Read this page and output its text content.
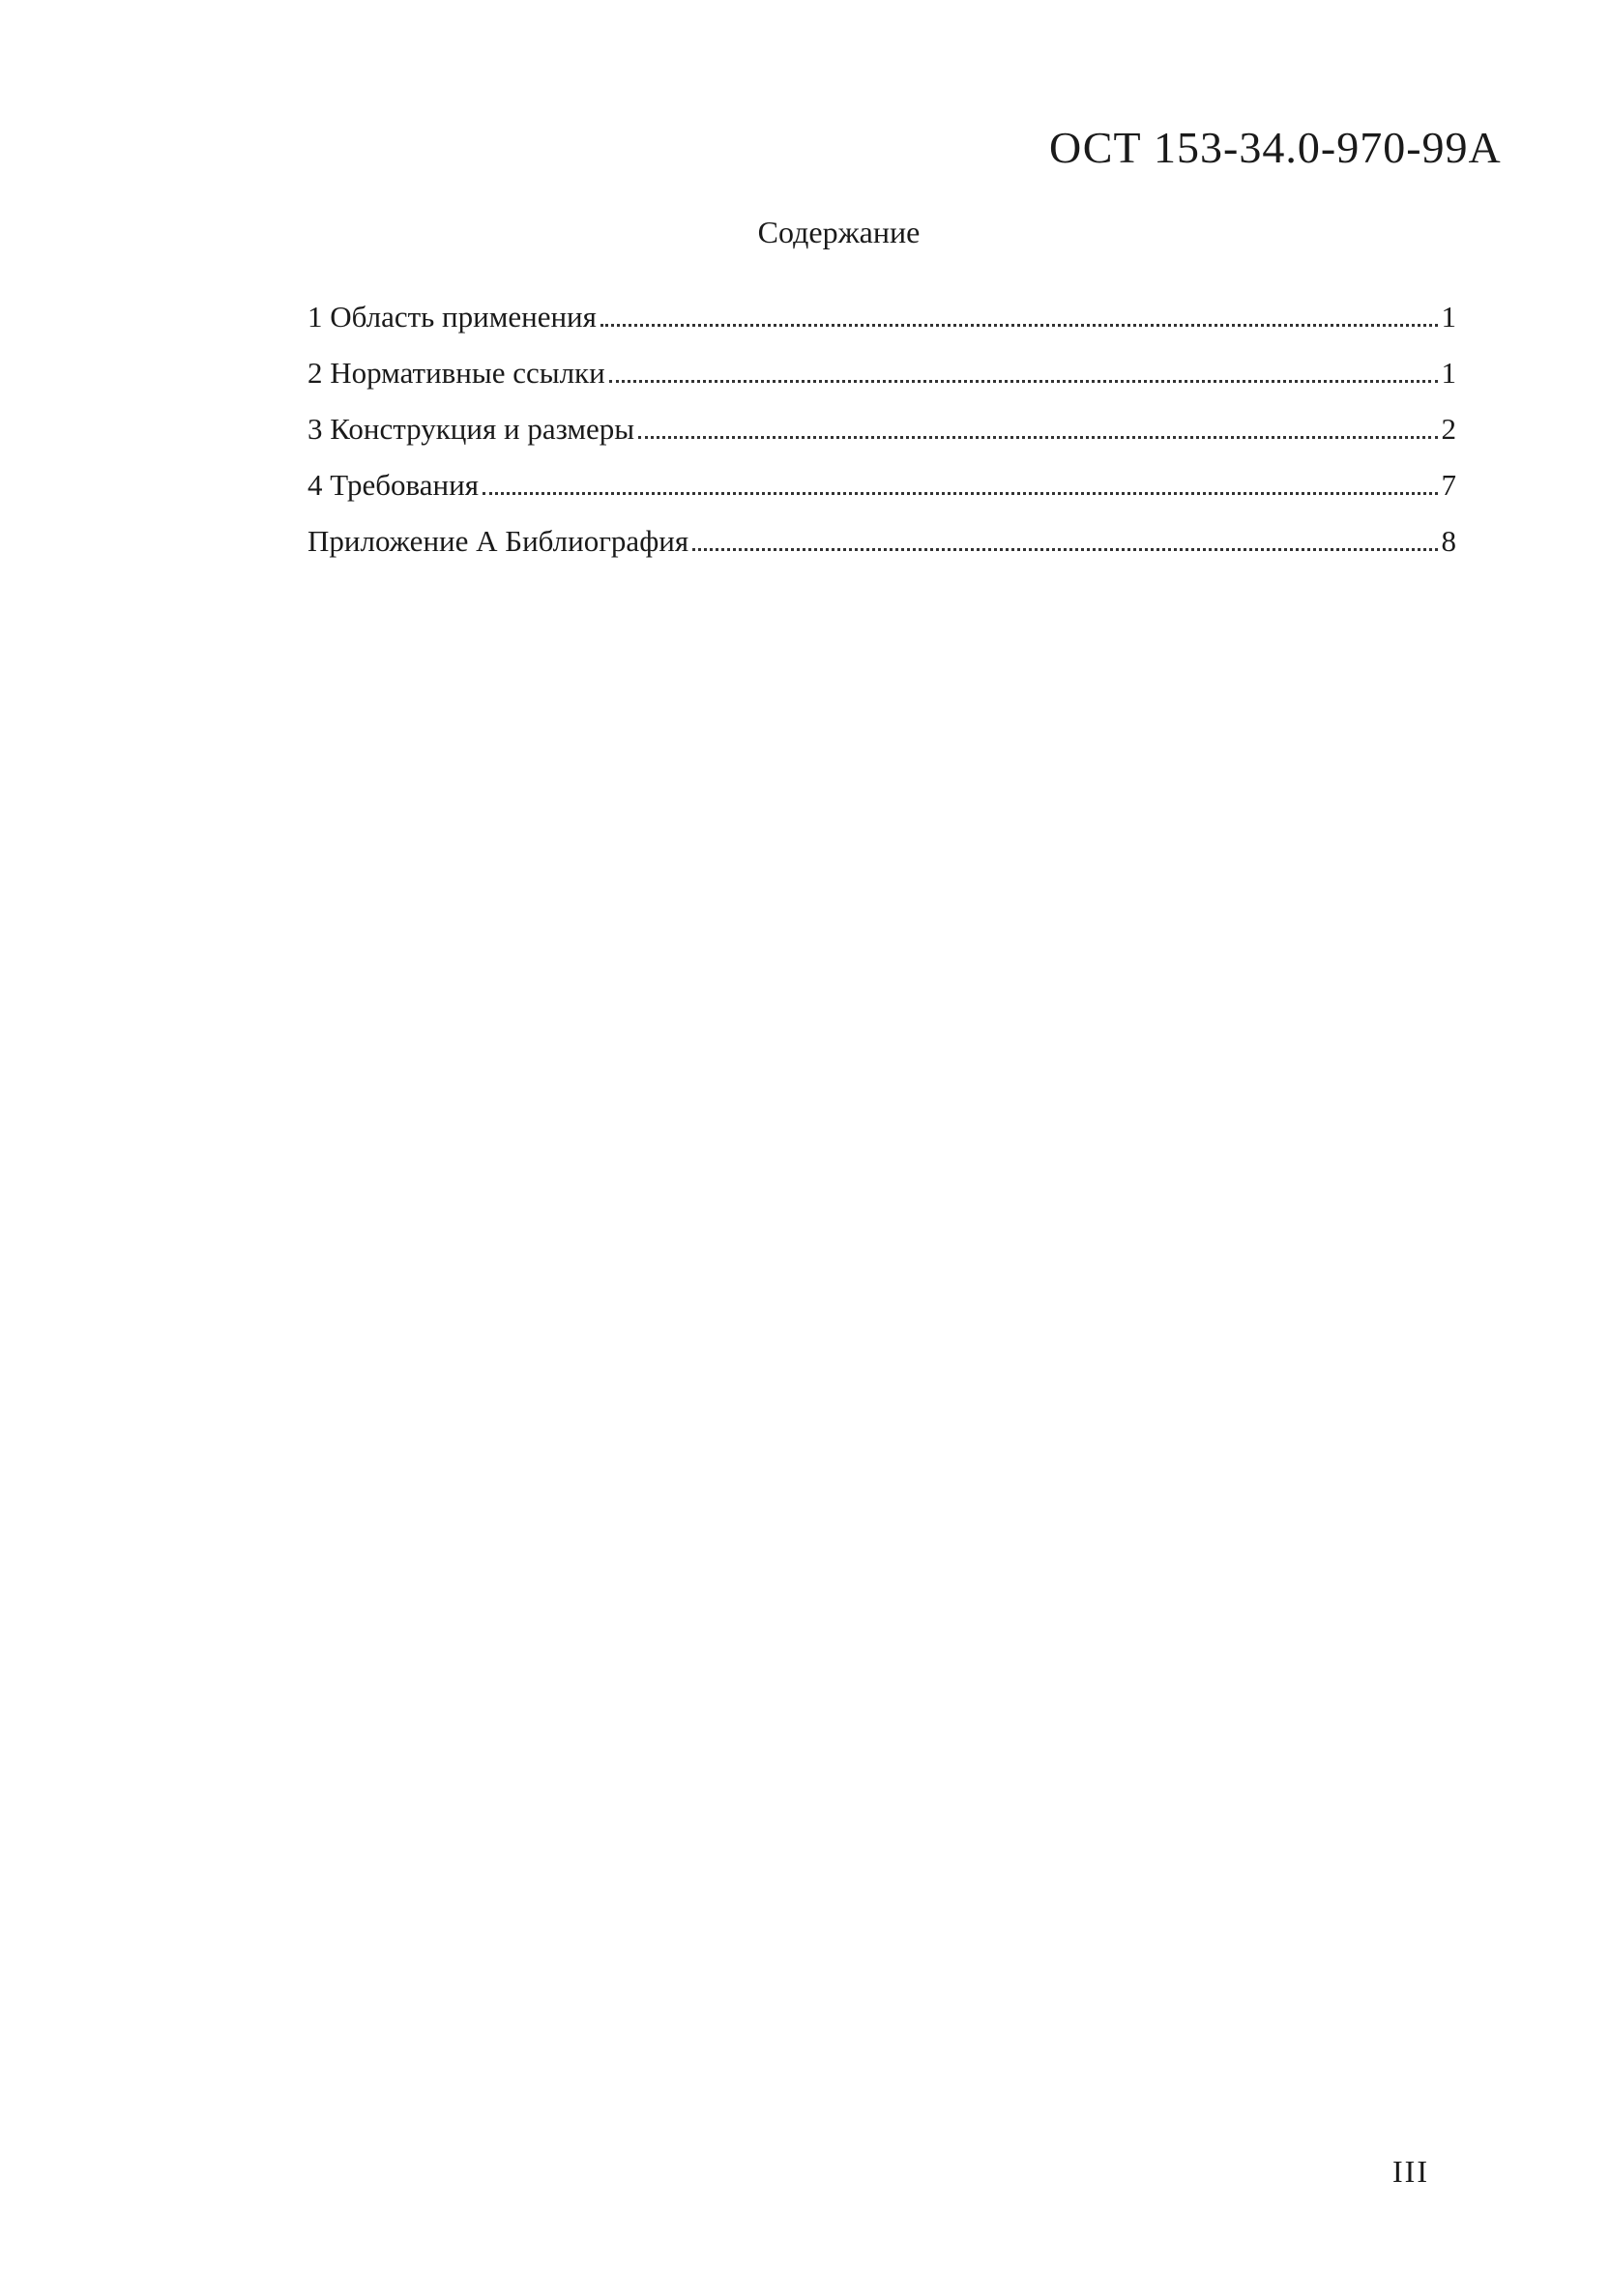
ОСТ 153-34.0-970-99А
Содержание
1 Область применения	1
2 Нормативные ссылки	1
3 Конструкция и размеры	2
4 Требования	7
Приложение А Библиография	8
III
